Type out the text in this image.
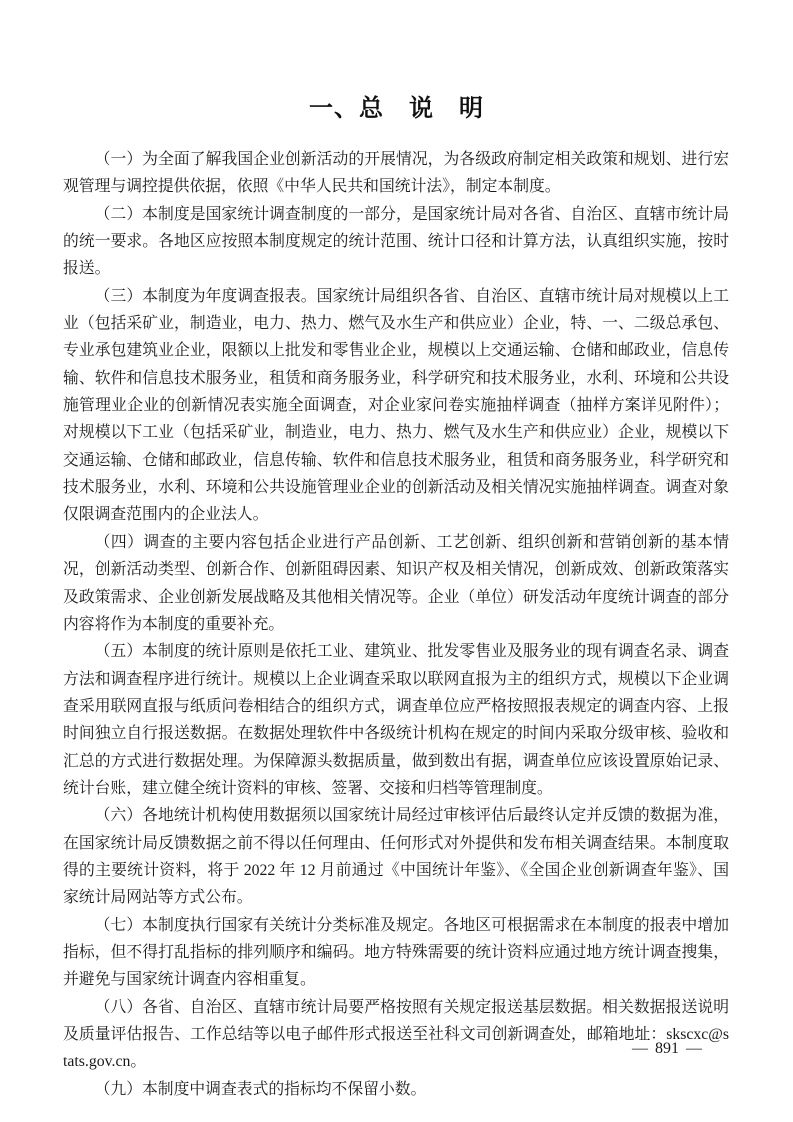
一、总　说　明

（一）为全面了解我国企业创新活动的开展情况，为各级政府制定相关政策和规划、进行宏观管理与调控提供依据，依照《中华人民共和国统计法》，制定本制度。

（二）本制度是国家统计调查制度的一部分，是国家统计局对各省、自治区、直辖市统计局的统一要求。各地区应按照本制度规定的统计范围、统计口径和计算方法，认真组织实施，按时报送。

（三）本制度为年度调查报表。国家统计局组织各省、自治区、直辖市统计局对规模以上工业（包括采矿业，制造业，电力、热力、燃气及水生产和供应业）企业，特、一、二级总承包、专业承包建筑业企业，限额以上批发和零售业企业，规模以上交通运输、仓储和邮政业，信息传输、软件和信息技术服务业，租赁和商务服务业，科学研究和技术服务业，水利、环境和公共设施管理业企业的创新情况表实施全面调查，对企业家问卷实施抽样调查（抽样方案详见附件）；对规模以下工业（包括采矿业，制造业，电力、热力、燃气及水生产和供应业）企业，规模以下交通运输、仓储和邮政业，信息传输、软件和信息技术服务业，租赁和商务服务业，科学研究和技术服务业，水利、环境和公共设施管理业企业的创新活动及相关情况实施抽样调查。调查对象仅限调查范围内的企业法人。

（四）调查的主要内容包括企业进行产品创新、工艺创新、组织创新和营销创新的基本情况，创新活动类型、创新合作、创新阻碍因素、知识产权及相关情况，创新成效、创新政策落实及政策需求、企业创新发展战略及其他相关情况等。企业（单位）研发活动年度统计调查的部分内容将作为本制度的重要补充。

（五）本制度的统计原则是依托工业、建筑业、批发零售业及服务业的现有调查名录、调查方法和调查程序进行统计。规模以上企业调查采取以联网直报为主的组织方式，规模以下企业调查采用联网直报与纸质问卷相结合的组织方式，调查单位应严格按照报表规定的调查内容、上报时间独立自行报送数据。在数据处理软件中各级统计机构在规定的时间内采取分级审核、验收和汇总的方式进行数据处理。为保障源头数据质量，做到数出有据，调查单位应该设置原始记录、统计台账，建立健全统计资料的审核、签署、交接和归档等管理制度。

（六）各地统计机构使用数据须以国家统计局经过审核评估后最终认定并反馈的数据为准，在国家统计局反馈数据之前不得以任何理由、任何形式对外提供和发布相关调查结果。本制度取得的主要统计资料，将于 2022 年 12 月前通过《中国统计年鉴》、《全国企业创新调查年鉴》、国家统计局网站等方式公布。

（七）本制度执行国家有关统计分类标准及规定。各地区可根据需求在本制度的报表中增加指标，但不得打乱指标的排列顺序和编码。地方特殊需要的统计资料应通过地方统计调查搜集，并避免与国家统计调查内容相重复。

（八）各省、自治区、直辖市统计局要严格按照有关规定报送基层数据。相关数据报送说明及质量评估报告、工作总结等以电子邮件形式报送至社科文司创新调查处，邮箱地址：skscxc@stats.gov.cn。

（九）本制度中调查表式的指标均不保留小数。

— 891 —
